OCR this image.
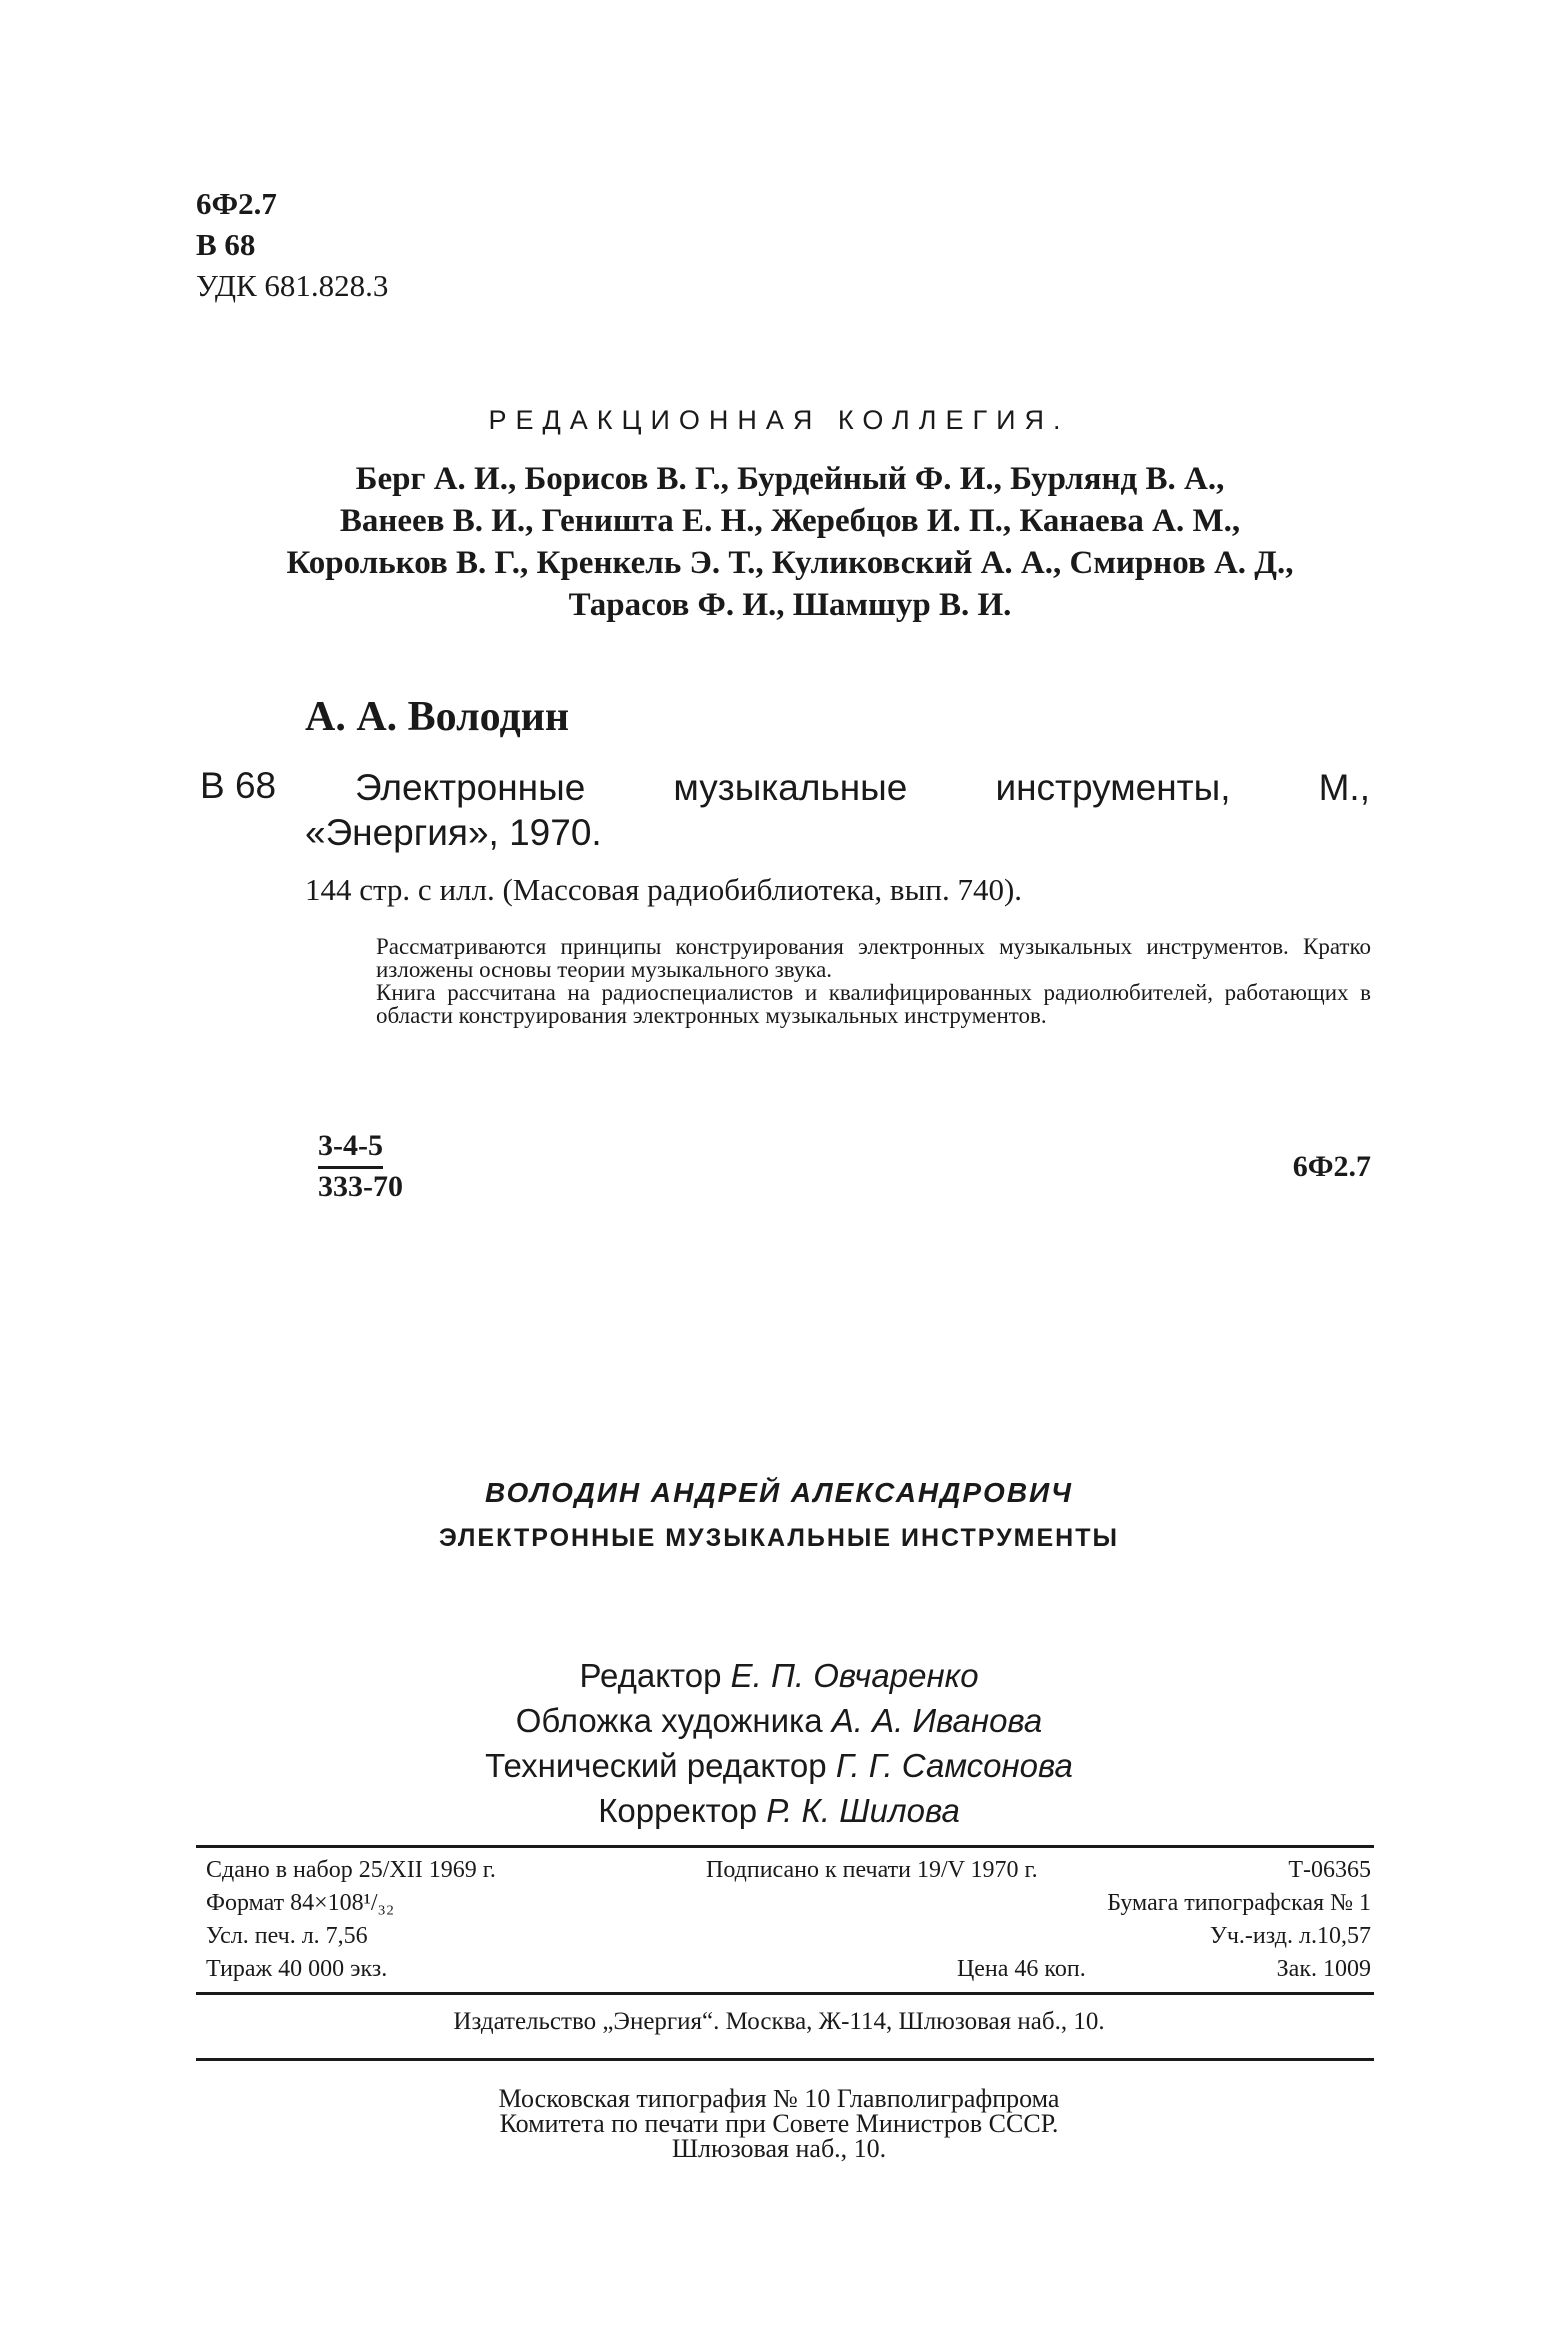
6Ф2.7
В 68
УДК 681.828.3
РЕДАКЦИОННАЯ КОЛЛЕГИЯ.
Берг А. И., Борисов В. Г., Бурдейный Ф. И., Бурлянд В. А.,
Ванеев В. И., Геништа Е. Н., Жеребцов И. П., Канаева А. М.,
Корольков В. Г., Кренкель Э. Т., Куликовский А. А., Смирнов А. Д.,
Тарасов Ф. И., Шамшур В. И.
А. А. Володин
В 68 Электронные музыкальные инструменты, М.,
«Энергия», 1970.
144 стр. с илл. (Массовая радиобиблиотека, вып. 740).

Рассматриваются принципы конструирования электронных музыкальных инструментов. Кратко изложены основы теории музыкального звука.

Книга рассчитана на радиоспециалистов и квалифицированных радиолюбителей, работающих в области конструирования электронных музыкальных инструментов.

3-4-5
333-70
6Ф2.7
ВОЛОДИН АНДРЕЙ АЛЕКСАНДРОВИЧ
ЭЛЕКТРОННЫЕ МУЗЫКАЛЬНЫЕ ИНСТРУМЕНТЫ
Редактор Е. П. Овчаренко
Обложка художника А. А. Иванова
Технический редактор Г. Г. Самсонова
Корректор Р. К. Шилова
Сдано в набор 25/XII 1969 г.	Подписано к печати 19/V 1970 г.	Т-06365
Формат 84×108¹/₃₂	Бумага типографская № 1
Усл. печ. л. 7,56	Уч.-изд. л.10,57
Тираж 40 000 экз.	Цена 46 коп.	Зак. 1009
Издательство „Энергия“. Москва, Ж-114, Шлюзовая наб., 10.
Московская типография № 10 Главполиграфпрома
Комитета по печати при Совете Министров СССР.
Шлюзовая наб., 10.
